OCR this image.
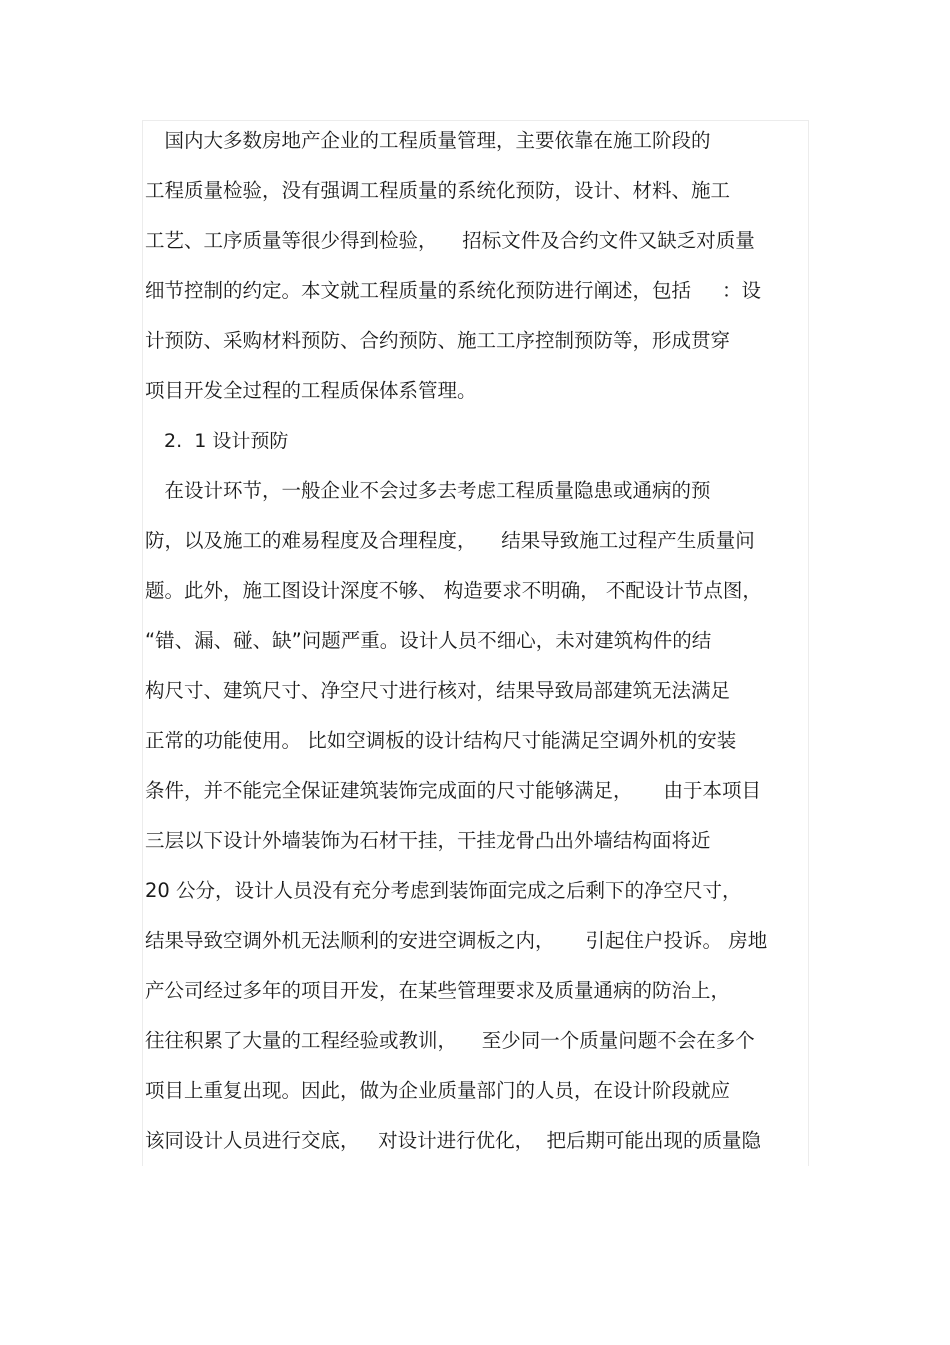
　国内大多数房地产企业的工程质量管理，主要依靠在施工阶段的
工程质量检验，没有强调工程质量的系统化预防，设计、材料、施工
工艺、工序质量等很少得到检验，    招标文件及合约文件又缺乏对质量
细节控制的约定。本文就工程质量的系统化预防进行阐述，包括     ：设
计预防、采购材料预防、合约预防、施工工序控制预防等，形成贯穿
项目开发全过程的工程质保体系管理。
　2.  1 设计预防
　在设计环节，一般企业不会过多去考虑工程质量隐患或通病的预
防，以及施工的难易程度及合理程度，    结果导致施工过程产生质量问
题。此外，施工图设计深度不够、 构造要求不明确， 不配设计节点图，
“错、漏、碰、缺”问题严重。设计人员不细心，未对建筑构件的结
构尺寸、建筑尺寸、净空尺寸进行核对，结果导致局部建筑无法满足
正常的功能使用。 比如空调板的设计结构尺寸能满足空调外机的安装
条件，并不能完全保证建筑装饰完成面的尺寸能够满足，     由于本项目
三层以下设计外墙装饰为石材干挂，干挂龙骨凸出外墙结构面将近
20 公分，设计人员没有充分考虑到装饰面完成之后剩下的净空尺寸，
结果导致空调外机无法顺利的安进空调板之内，     引起住户投诉。 房地
产公司经过多年的项目开发，在某些管理要求及质量通病的防治上，
往往积累了大量的工程经验或教训，    至少同一个质量问题不会在多个
项目上重复出现。因此，做为企业质量部门的人员，在设计阶段就应
该同设计人员进行交底，   对设计进行优化，  把后期可能出现的质量隐
